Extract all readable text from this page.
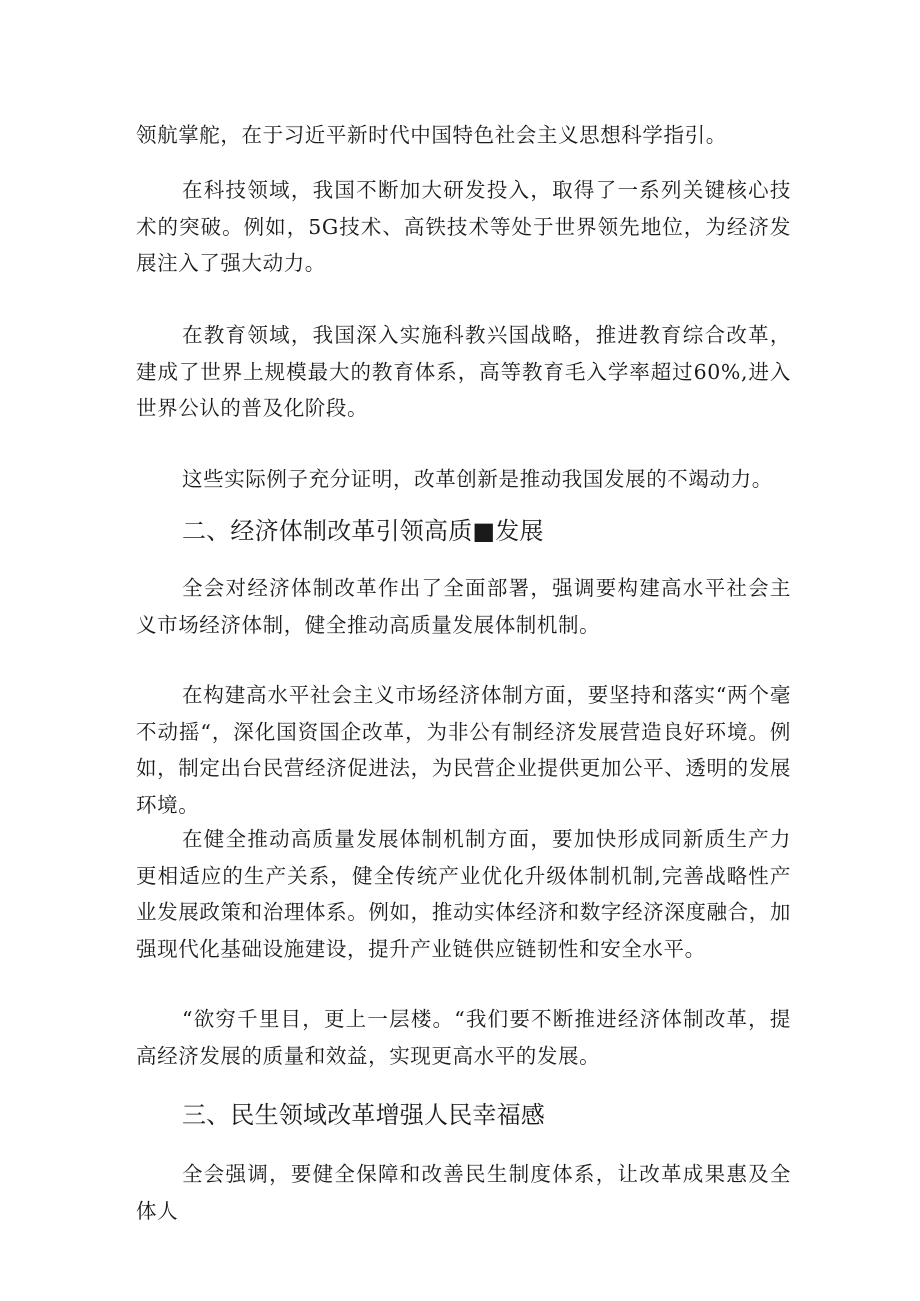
领航掌舵，在于习近平新时代中国特色社会主义思想科学指引。

在科技领域，我国不断加大研发投入，取得了一系列关键核心技术的突破。例如，5G技术、高铁技术等处于世界领先地位，为经济发展注入了强大动力。

在教育领域，我国深入实施科教兴国战略，推进教育综合改革，建成了世界上规模最大的教育体系，高等教育毛入学率超过60%,进入世界公认的普及化阶段。

这些实际例子充分证明，改革创新是推动我国发展的不竭动力。

二、经济体制改革引领高质■发展

全会对经济体制改革作出了全面部署，强调要构建高水平社会主义市场经济体制，健全推动高质量发展体制机制。

在构建高水平社会主义市场经济体制方面，要坚持和落实“两个毫不动摇“，深化国资国企改革，为非公有制经济发展营造良好环境。例如，制定出台民营经济促进法，为民营企业提供更加公平、透明的发展环境。

在健全推动高质量发展体制机制方面，要加快形成同新质生产力更相适应的生产关系，健全传统产业优化升级体制机制,完善战略性产业发展政策和治理体系。例如，推动实体经济和数字经济深度融合，加强现代化基础设施建设，提升产业链供应链韧性和安全水平。

“欲穷千里目，更上一层楼。“我们要不断推进经济体制改革，提高经济发展的质量和效益，实现更高水平的发展。

三、民生领域改革增强人民幸福感

全会强调，要健全保障和改善民生制度体系，让改革成果惠及全体人
